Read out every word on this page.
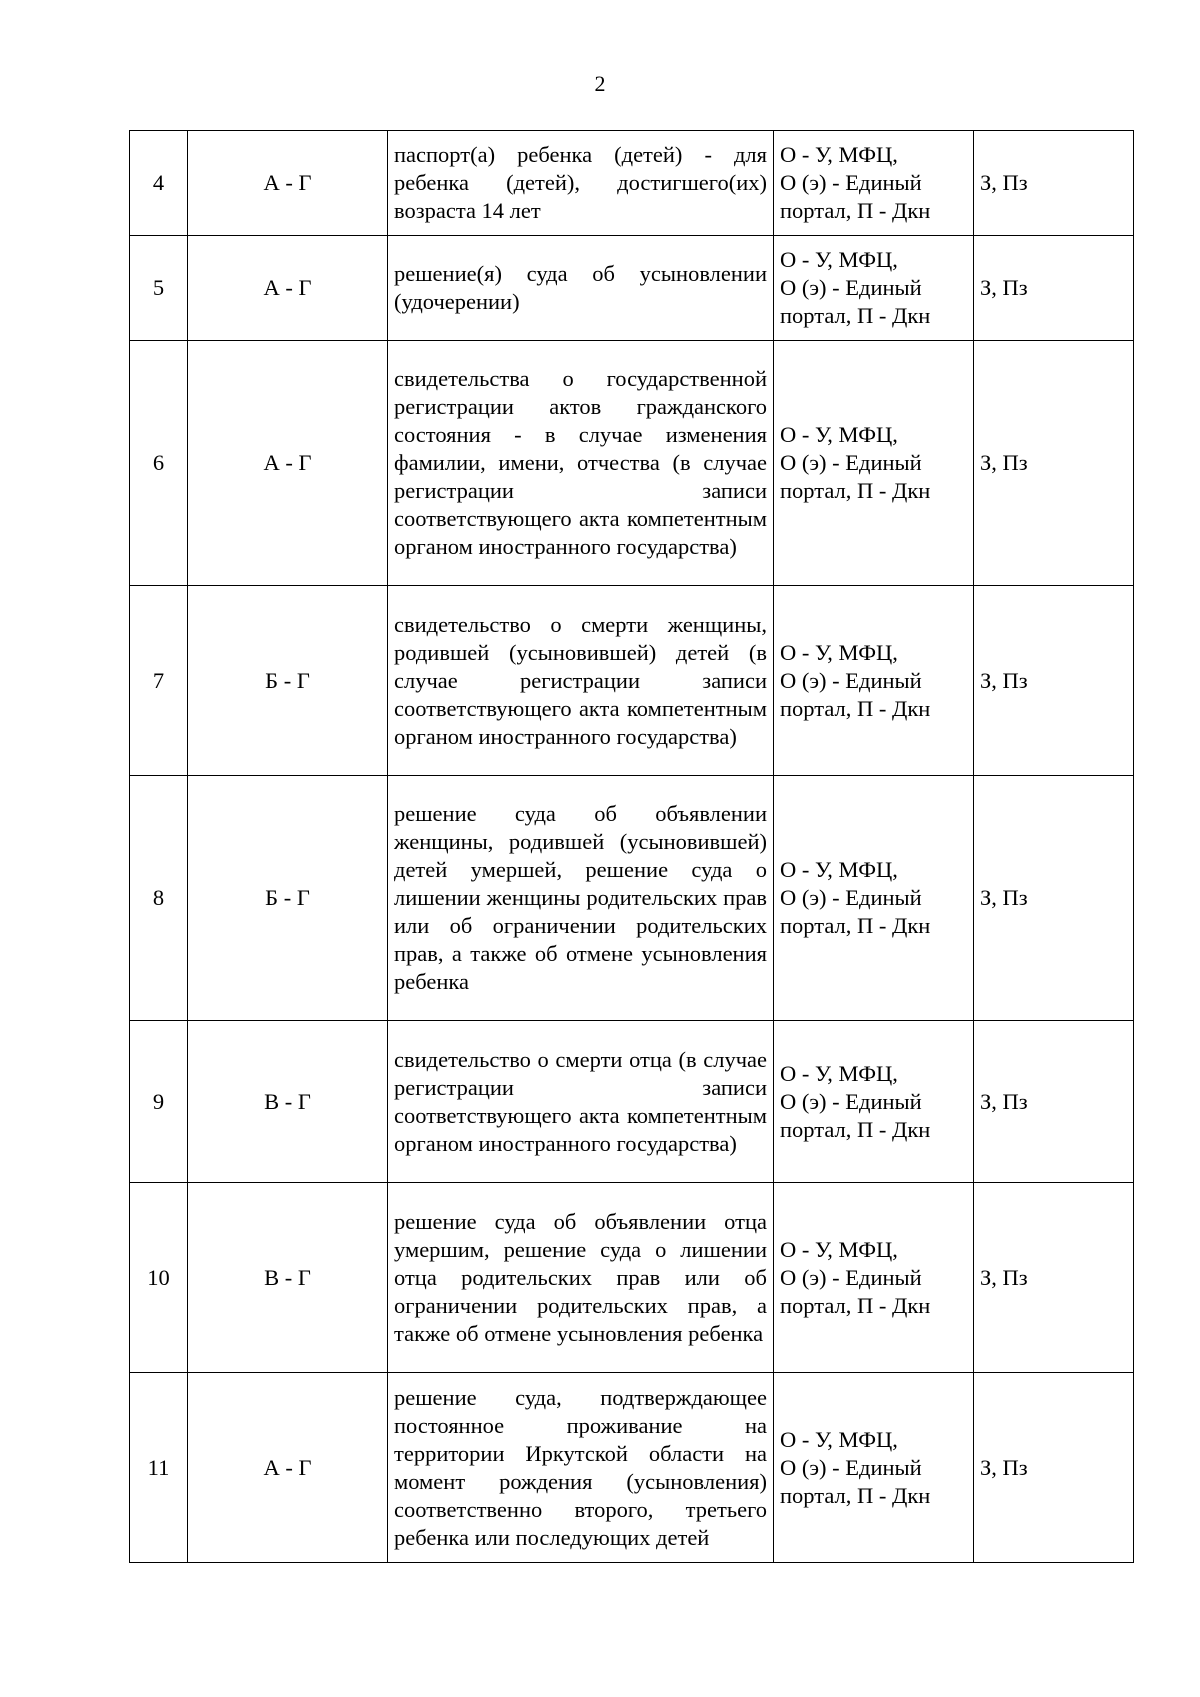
2
4	А - Г	паспорт(а) ребенка (детей) - для ребенка (детей), достигшего(их) возраста 14 лет	О - У, МФЦ,
О (э) - Единый портал, П - Дкн	З, Пз
5	А - Г	решение(я) суда об усыновлении (удочерении)	О - У, МФЦ,
О (э) - Единый портал, П - Дкн	З, Пз
6	А - Г	свидетельства о государственной регистрации актов гражданского состояния - в случае изменения фамилии, имени, отчества (в случае регистрации записи соответствующего акта компетентным органом иностранного государства)	О - У, МФЦ,
О (э) - Единый портал, П - Дкн	З, Пз
7	Б - Г	свидетельство о смерти женщины, родившей (усыновившей) детей (в случае регистрации записи соответствующего акта компетентным органом иностранного государства)	О - У, МФЦ,
О (э) - Единый портал, П - Дкн	З, Пз
8	Б - Г	решение суда об объявлении женщины, родившей (усыновившей) детей умершей, решение суда о лишении женщины родительских прав или об ограничении родительских прав, а также об отмене усыновления ребенка	О - У, МФЦ,
О (э) - Единый портал, П - Дкн	З, Пз
9	В - Г	свидетельство о смерти отца (в случае регистрации записи соответствующего акта компетентным органом иностранного государства)	О - У, МФЦ,
О (э) - Единый портал, П - Дкн	З, Пз
10	В - Г	решение суда об объявлении отца умершим, решение суда о лишении отца родительских прав или об ограничении родительских прав, а также об отмене усыновления ребенка	О - У, МФЦ,
О (э) - Единый портал, П - Дкн	З, Пз
11	А - Г	решение суда, подтверждающее постоянное проживание на территории Иркутской области на момент рождения (усыновления) соответственно второго, третьего ребенка или последующих детей	О - У, МФЦ,
О (э) - Единый портал, П - Дкн	З, Пз
